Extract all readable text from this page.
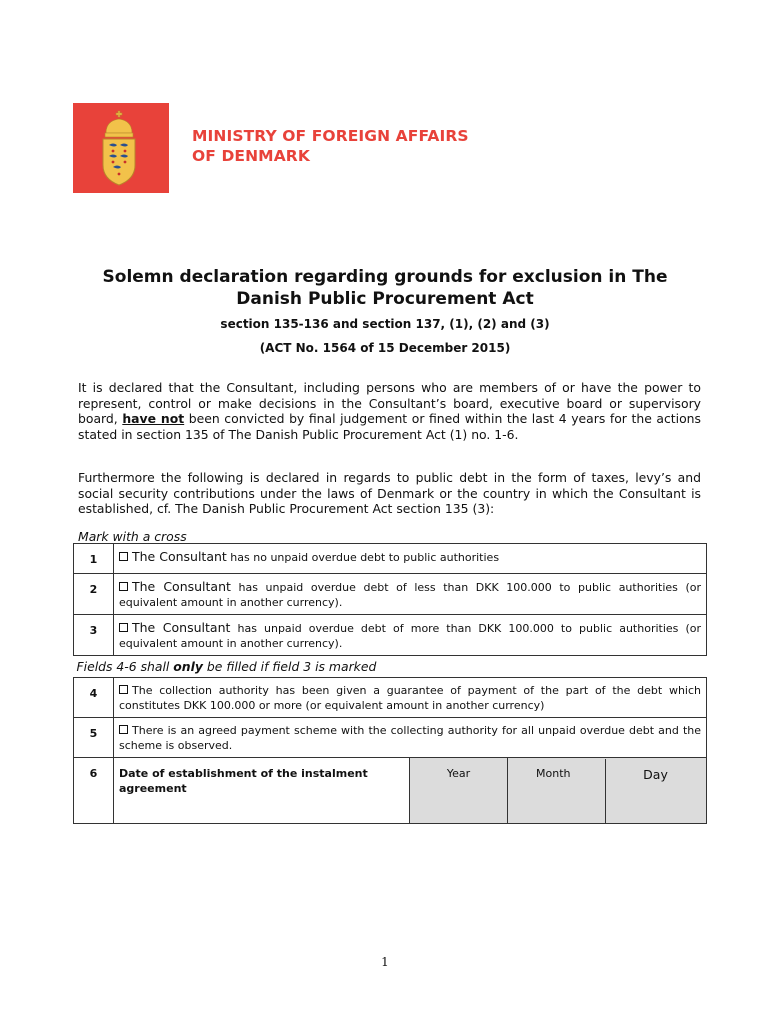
MINISTRY OF FOREIGN AFFAIRS
OF DENMARK
Solemn declaration regarding grounds for exclusion in The
Danish Public Procurement Act
section 135-136 and section 137, (1), (2) and (3)
(ACT No. 1564 of 15 December 2015)
It is declared that the Consultant, including persons who are members of or have the power to represent, control or make decisions in the Consultant’s board, executive board or supervisory board, have not been convicted by final judgement or fined within the last 4 years for the actions stated in section 135 of The Danish Public Procurement Act (1) no. 1-6.
Furthermore the following is declared in regards to public debt in the form of taxes, levy’s and social security contributions under the laws of Denmark or the country in which the Consultant is established, cf. The Danish Public Procurement Act section 135 (3):
Mark with a cross
1	The Consultant has no unpaid overdue debt to public authorities		
2	The Consultant has unpaid overdue debt of less than DKK 100.000 to public authorities (or equivalent amount in another currency).		
3	The Consultant has unpaid overdue debt of more than DKK 100.000 to public authorities (or equivalent amount in another currency).		
Fields 4-6 shall only be filled if field 3 is marked			
4	The collection authority has been given a guarantee of payment of the part of the debt which constitutes DKK 100.000 or more (or equivalent amount in another currency)		
5	There is an agreed payment scheme with the collecting authority for all unpaid overdue debt and the scheme is observed.		
6	Date of establishment of the instalment agreement	Year	Month	Day
1
